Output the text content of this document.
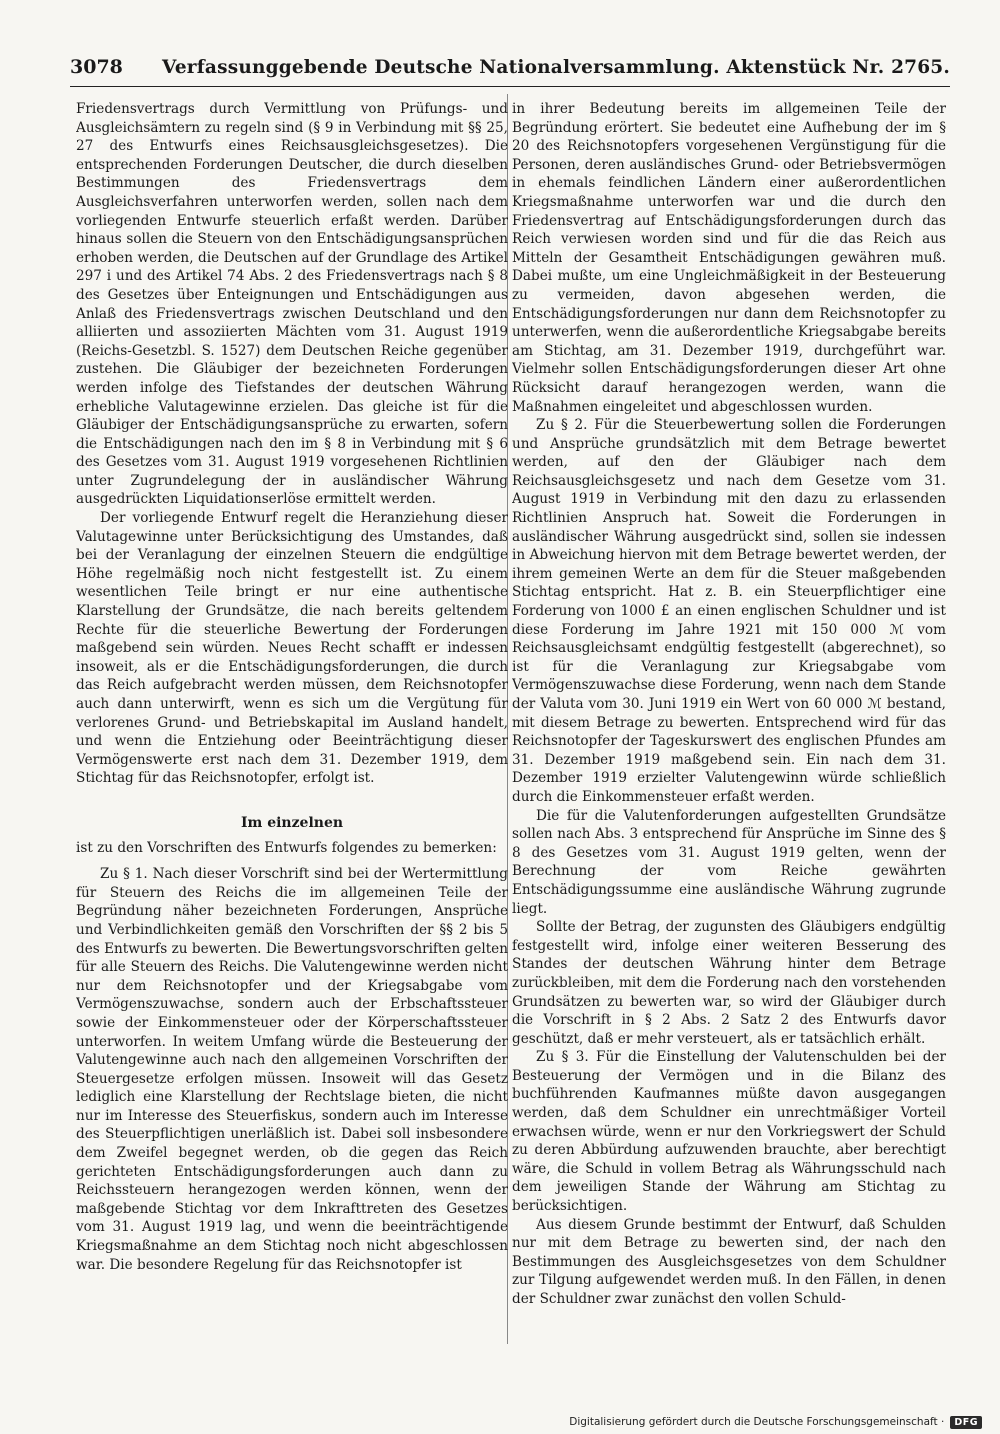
3078 Verfassunggebende Deutsche Nationalversammlung. Aktenstück Nr. 2765.

Friedensvertrags durch Vermittlung von Prüfungs- und Ausgleichsämtern zu regeln sind (§ 9 in Verbindung mit §§ 25, 27 des Entwurfs eines Reichsausgleichsgesetzes). Die entsprechenden Forderungen Deutscher, die durch dieselben Bestimmungen des Friedensvertrags dem Ausgleichsverfahren unterworfen werden, sollen nach dem vorliegenden Entwurfe steuerlich erfaßt werden. Darüber hinaus sollen die Steuern von den Entschädigungsansprüchen erhoben werden, die Deutschen auf der Grundlage des Artikel 297 i und des Artikel 74 Abs. 2 des Friedensvertrags nach § 8 des Gesetzes über Enteignungen und Entschädigungen aus Anlaß des Friedensvertrags zwischen Deutschland und den alliierten und assoziierten Mächten vom 31. August 1919 (Reichs-Gesetzbl. S. 1527) dem Deutschen Reiche gegenüber zustehen. Die Gläubiger der bezeichneten Forderungen werden infolge des Tiefstandes der deutschen Währung erhebliche Valutagewinne erzielen. Das gleiche ist für die Gläubiger der Entschädigungsansprüche zu erwarten, sofern die Entschädigungen nach den im § 8 in Verbindung mit § 6 des Gesetzes vom 31. August 1919 vorgesehenen Richtlinien unter Zugrundelegung der in ausländischer Währung ausgedrückten Liquidationserlöse ermittelt werden.

Der vorliegende Entwurf regelt die Heranziehung dieser Valutagewinne unter Berücksichtigung des Umstandes, daß bei der Veranlagung der einzelnen Steuern die endgültige Höhe regelmäßig noch nicht festgestellt ist. Zu einem wesentlichen Teile bringt er nur eine authentische Klarstellung der Grundsätze, die nach bereits geltendem Rechte für die steuerliche Bewertung der Forderungen maßgebend sein würden. Neues Recht schafft er indessen insoweit, als er die Entschädigungsforderungen, die durch das Reich aufgebracht werden müssen, dem Reichsnotopfer auch dann unterwirft, wenn es sich um die Vergütung für verlorenes Grund- und Betriebskapital im Ausland handelt, und wenn die Entziehung oder Beeinträchtigung dieser Vermögenswerte erst nach dem 31. Dezember 1919, dem Stichtag für das Reichsnotopfer, erfolgt ist.

Im einzelnen

ist zu den Vorschriften des Entwurfs folgendes zu bemerken:

Zu § 1. Nach dieser Vorschrift sind bei der Wertermittlung für Steuern des Reichs die im allgemeinen Teile der Begründung näher bezeichneten Forderungen, Ansprüche und Verbindlichkeiten gemäß den Vorschriften der §§ 2 bis 5 des Entwurfs zu bewerten. Die Bewertungsvorschriften gelten für alle Steuern des Reichs. Die Valutengewinne werden nicht nur dem Reichsnotopfer und der Kriegsabgabe vom Vermögenszuwachse, sondern auch der Erbschaftssteuer sowie der Einkommensteuer oder der Körperschaftssteuer unterworfen. In weitem Umfang würde die Besteuerung der Valutengewinne auch nach den allgemeinen Vorschriften der Steuergesetze erfolgen müssen. Insoweit will das Gesetz lediglich eine Klarstellung der Rechtslage bieten, die nicht nur im Interesse des Steuerfiskus, sondern auch im Interesse des Steuerpflichtigen unerläßlich ist. Dabei soll insbesondere dem Zweifel begegnet werden, ob die gegen das Reich gerichteten Entschädigungsforderungen auch dann zu Reichssteuern herangezogen werden können, wenn der maßgebende Stichtag vor dem Inkrafttreten des Gesetzes vom 31. August 1919 lag, und wenn die beeinträchtigende Kriegsmaßnahme an dem Stichtag noch nicht abgeschlossen war. Die besondere Regelung für das Reichsnotopfer ist

in ihrer Bedeutung bereits im allgemeinen Teile der Begründung erörtert. Sie bedeutet eine Aufhebung der im § 20 des Reichsnotopfers vorgesehenen Vergünstigung für die Personen, deren ausländisches Grund- oder Betriebsvermögen in ehemals feindlichen Ländern einer außerordentlichen Kriegsmaßnahme unterworfen war und die durch den Friedensvertrag auf Entschädigungsforderungen durch das Reich verwiesen worden sind und für die das Reich aus Mitteln der Gesamtheit Entschädigungen gewähren muß. Dabei mußte, um eine Ungleichmäßigkeit in der Besteuerung zu vermeiden, davon abgesehen werden, die Entschädigungsforderungen nur dann dem Reichsnotopfer zu unterwerfen, wenn die außerordentliche Kriegsabgabe bereits am Stichtag, am 31. Dezember 1919, durchgeführt war. Vielmehr sollen Entschädigungsforderungen dieser Art ohne Rücksicht darauf herangezogen werden, wann die Maßnahmen eingeleitet und abgeschlossen wurden.

Zu § 2. Für die Steuerbewertung sollen die Forderungen und Ansprüche grundsätzlich mit dem Betrage bewertet werden, auf den der Gläubiger nach dem Reichsausgleichsgesetz und nach dem Gesetze vom 31. August 1919 in Verbindung mit den dazu zu erlassenden Richtlinien Anspruch hat. Soweit die Forderungen in ausländischer Währung ausgedrückt sind, sollen sie indessen in Abweichung hiervon mit dem Betrage bewertet werden, der ihrem gemeinen Werte an dem für die Steuer maßgebenden Stichtag entspricht. Hat z. B. ein Steuerpflichtiger eine Forderung von 1000 £ an einen englischen Schuldner und ist diese Forderung im Jahre 1921 mit 150 000 ℳ vom Reichsausgleichsamt endgültig festgestellt (abgerechnet), so ist für die Veranlagung zur Kriegsabgabe vom Vermögenszuwachse diese Forderung, wenn nach dem Stande der Valuta vom 30. Juni 1919 ein Wert von 60 000 ℳ bestand, mit diesem Betrage zu bewerten. Entsprechend wird für das Reichsnotopfer der Tageskurswert des englischen Pfundes am 31. Dezember 1919 maßgebend sein. Ein nach dem 31. Dezember 1919 erzielter Valutengewinn würde schließlich durch die Einkommensteuer erfaßt werden.

Die für die Valutenforderungen aufgestellten Grundsätze sollen nach Abs. 3 entsprechend für Ansprüche im Sinne des § 8 des Gesetzes vom 31. August 1919 gelten, wenn der Berechnung der vom Reiche gewährten Entschädigungssumme eine ausländische Währung zugrunde liegt.

Sollte der Betrag, der zugunsten des Gläubigers endgültig festgestellt wird, infolge einer weiteren Besserung des Standes der deutschen Währung hinter dem Betrage zurückbleiben, mit dem die Forderung nach den vorstehenden Grundsätzen zu bewerten war, so wird der Gläubiger durch die Vorschrift in § 2 Abs. 2 Satz 2 des Entwurfs davor geschützt, daß er mehr versteuert, als er tatsächlich erhält.

Zu § 3. Für die Einstellung der Valutenschulden bei der Besteuerung der Vermögen und in die Bilanz des buchführenden Kaufmannes müßte davon ausgegangen werden, daß dem Schuldner ein unrechtmäßiger Vorteil erwachsen würde, wenn er nur den Vorkriegswert der Schuld zu deren Abbürdung aufzuwenden brauchte, aber berechtigt wäre, die Schuld in vollem Betrag als Währungsschuld nach dem jeweiligen Stande der Währung am Stichtag zu berücksichtigen.

Aus diesem Grunde bestimmt der Entwurf, daß Schulden nur mit dem Betrage zu bewerten sind, der nach den Bestimmungen des Ausgleichsgesetzes von dem Schuldner zur Tilgung aufgewendet werden muß. In den Fällen, in denen der Schuldner zwar zunächst den vollen Schuld-

Digitalisierung gefördert durch die Deutsche Forschungsgemeinschaft ·	DFG
